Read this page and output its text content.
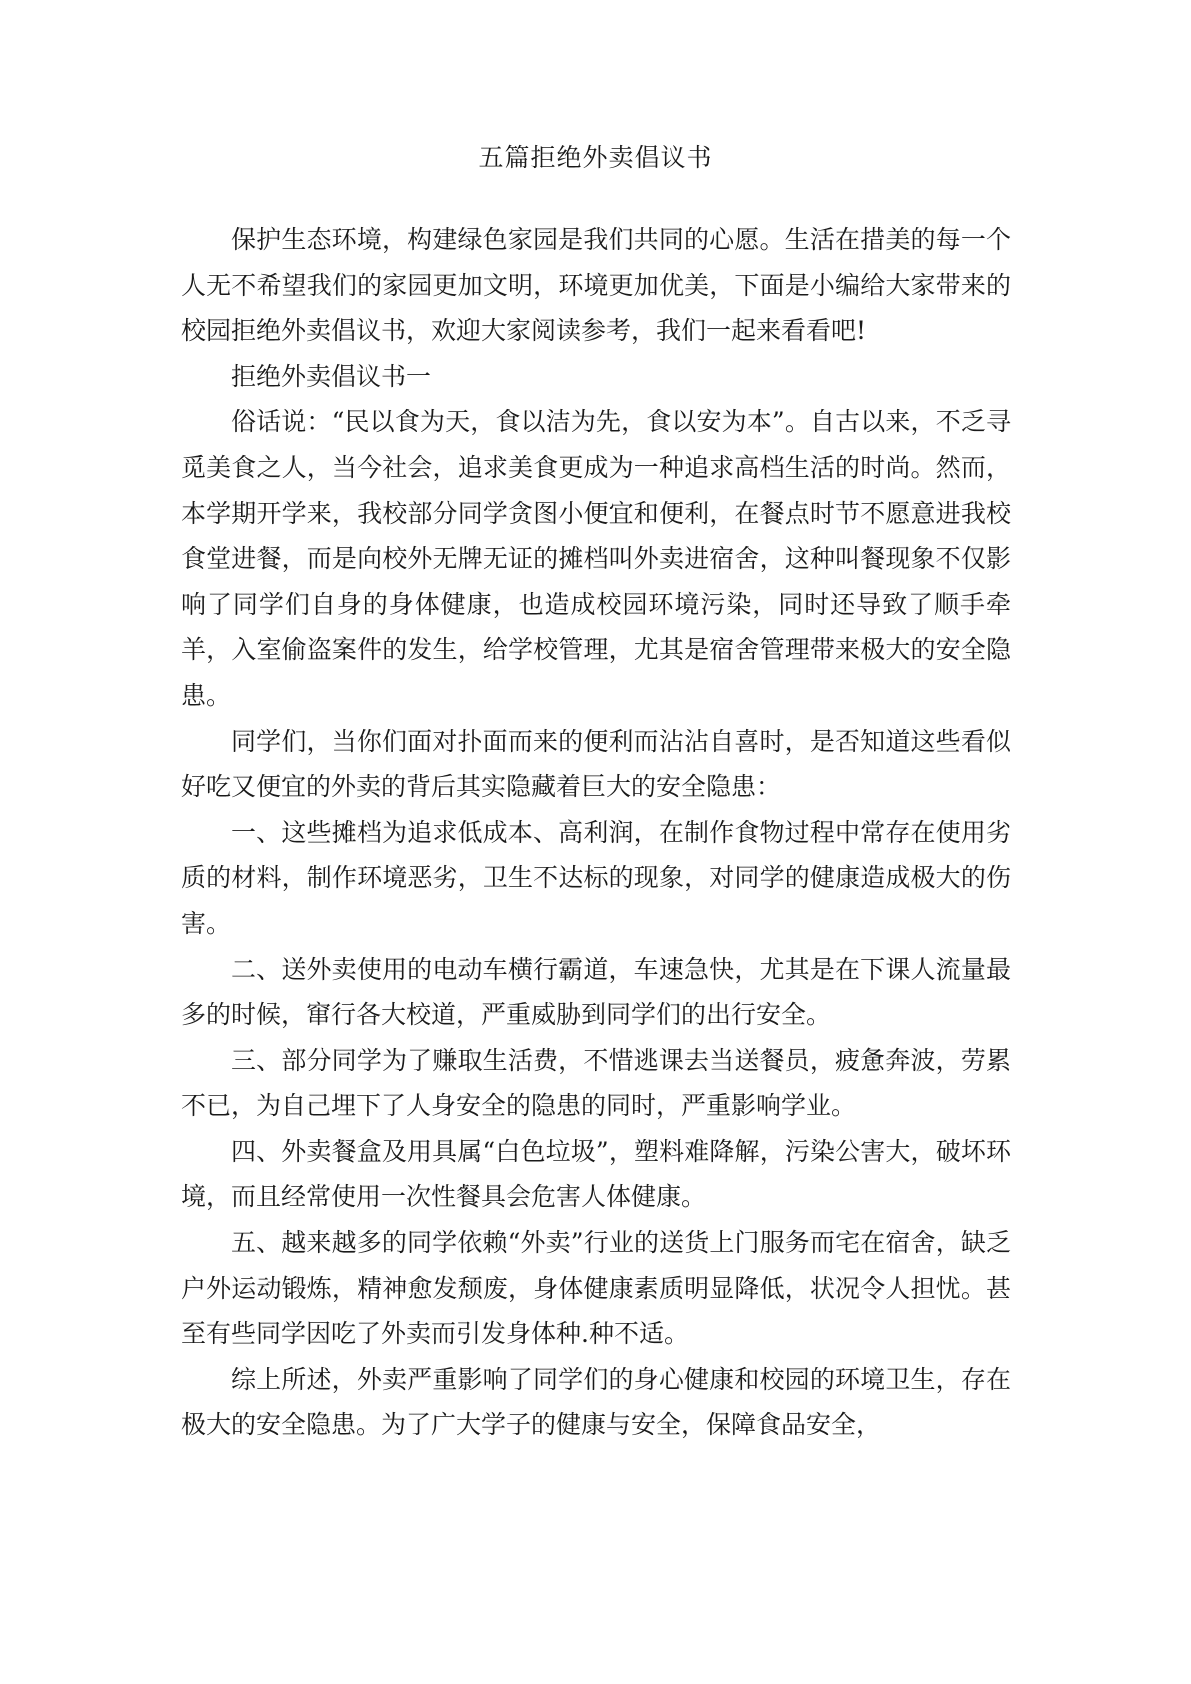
五篇拒绝外卖倡议书

保护生态环境，构建绿色家园是我们共同的心愿。生活在措美的每一个人无不希望我们的家园更加文明，环境更加优美，下面是小编给大家带来的校园拒绝外卖倡议书，欢迎大家阅读参考，我们一起来看看吧!

拒绝外卖倡议书一

俗话说：“民以食为天，食以洁为先，食以安为本”。自古以来，不乏寻觅美食之人，当今社会，追求美食更成为一种追求高档生活的时尚。然而，本学期开学来，我校部分同学贪图小便宜和便利，在餐点时节不愿意进我校食堂进餐，而是向校外无牌无证的摊档叫外卖进宿舍，这种叫餐现象不仅影响了同学们自身的身体健康，也造成校园环境污染，同时还导致了顺手牵羊，入室偷盗案件的发生，给学校管理，尤其是宿舍管理带来极大的安全隐患。

同学们，当你们面对扑面而来的便利而沾沾自喜时，是否知道这些看似好吃又便宜的外卖的背后其实隐藏着巨大的安全隐患：

一、这些摊档为追求低成本、高利润，在制作食物过程中常存在使用劣质的材料，制作环境恶劣，卫生不达标的现象，对同学的健康造成极大的伤害。

二、送外卖使用的电动车横行霸道，车速急快，尤其是在下课人流量最多的时候，窜行各大校道，严重威胁到同学们的出行安全。

三、部分同学为了赚取生活费，不惜逃课去当送餐员，疲惫奔波，劳累不已，为自己埋下了人身安全的隐患的同时，严重影响学业。

四、外卖餐盒及用具属“白色垃圾”，塑料难降解，污染公害大，破坏环境，而且经常使用一次性餐具会危害人体健康。

五、越来越多的同学依赖“外卖”行业的送货上门服务而宅在宿舍，缺乏户外运动锻炼，精神愈发颓废，身体健康素质明显降低，状况令人担忧。甚至有些同学因吃了外卖而引发身体种.种不适。

综上所述，外卖严重影响了同学们的身心健康和校园的环境卫生，存在极大的安全隐患。为了广大学子的健康与安全，保障食品安全，
